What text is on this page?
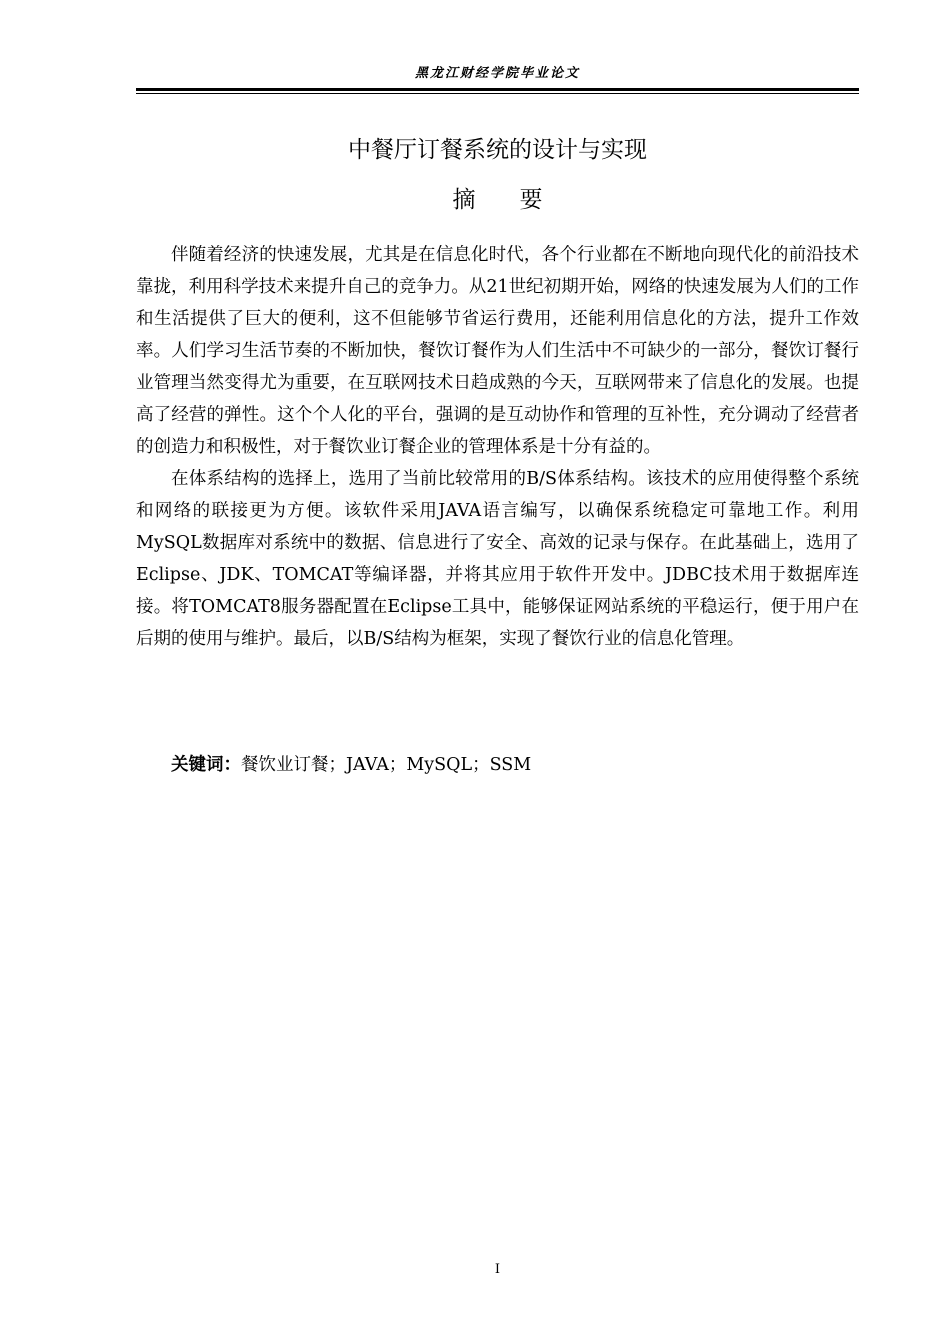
黑龙江财经学院毕业论文
中餐厅订餐系统的设计与实现
摘要

伴随着经济的快速发展，尤其是在信息化时代，各个行业都在不断地向现代化的前沿技术靠拢，利用科学技术来提升自己的竞争力。从21世纪初期开始，网络的快速发展为人们的工作和生活提供了巨大的便利，这不但能够节省运行费用，还能利用信息化的方法，提升工作效率。人们学习生活节奏的不断加快，餐饮订餐作为人们生活中不可缺少的一部分，餐饮订餐行业管理当然变得尤为重要，在互联网技术日趋成熟的今天，互联网带来了信息化的发展。也提高了经营的弹性。这个个人化的平台，强调的是互动协作和管理的互补性，充分调动了经营者的创造力和积极性，对于餐饮业订餐企业的管理体系是十分有益的。

在体系结构的选择上，选用了当前比较常用的B/S体系结构。该技术的应用使得整个系统和网络的联接更为方便。该软件采用JAVA语言编写，以确保系统稳定可靠地工作。利用 MySQL数据库对系统中的数据、信息进行了安全、高效的记录与保存。在此基础上，选用了Eclipse、JDK、TOMCAT等编译器，并将其应用于软件开发中。JDBC技术用于数据库连接。将TOMCAT8服务器配置在Eclipse工具中，能够保证网站系统的平稳运行，便于用户在后期的使用与维护。最后，以B/S结构为框架，实现了餐饮行业的信息化管理。

关键词：餐饮业订餐；JAVA；MySQL；SSM
I
